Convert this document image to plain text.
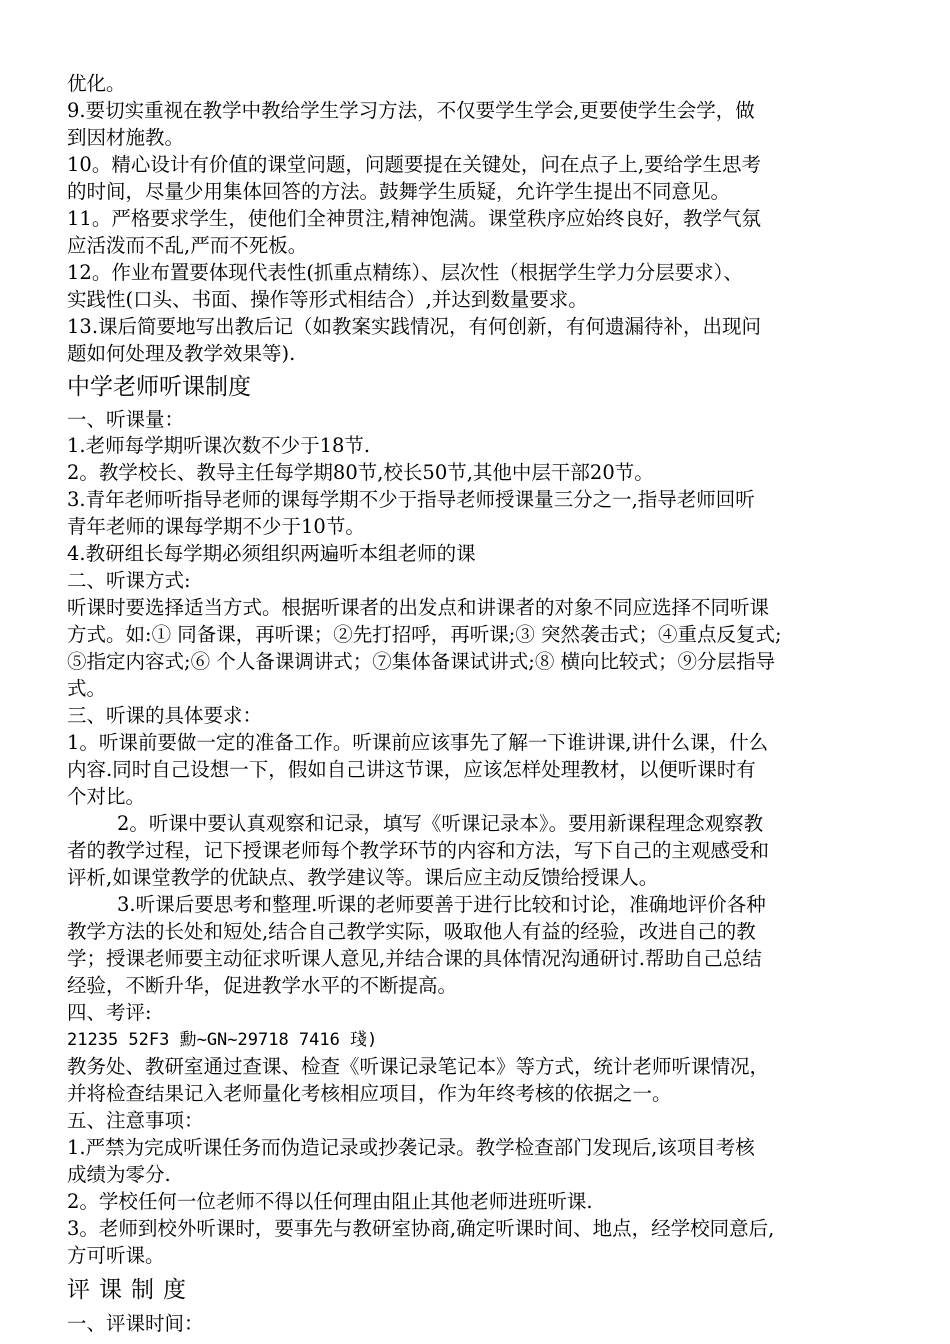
优化。
9.要切实重视在教学中教给学生学习方法，不仅要学生学会,更要使学生会学，做
到因材施教。
10。精心设计有价值的课堂问题，问题要提在关键处，问在点子上,要给学生思考
的时间，尽量少用集体回答的方法。鼓舞学生质疑，允许学生提出不同意见。
11。严格要求学生，使他们全神贯注,精神饱满。课堂秩序应始终良好，教学气氛
应活泼而不乱,严而不死板。
12。作业布置要体现代表性(抓重点精练）、层次性（根据学生学力分层要求）、
实践性(口头、书面、操作等形式相结合）,并达到数量要求。
13.课后简要地写出教后记（如教案实践情况，有何创新，有何遗漏待补，出现问
题如何处理及教学效果等).
中学老师听课制度
一、听课量：
1.老师每学期听课次数不少于18节.
2。教学校长、教导主任每学期80节,校长50节,其他中层干部20节。
3.青年老师听指导老师的课每学期不少于指导老师授课量三分之一,指导老师回听
青年老师的课每学期不少于10节。
4.教研组长每学期必须组织两遍听本组老师的课
二、听课方式:
听课时要选择适当方式。根据听课者的出发点和讲课者的对象不同应选择不同听课
方式。如:① 同备课，再听课；②先打招呼，再听课;③ 突然袭击式；④重点反复式;
⑤指定内容式;⑥ 个人备课调讲式；⑦集体备课试讲式;⑧ 横向比较式；⑨分层指导
式。
三、听课的具体要求：
1。听课前要做一定的准备工作。听课前应该事先了解一下谁讲课,讲什么课，什么
内容.同时自己设想一下，假如自己讲这节课，应该怎样处理教材，以便听课时有
个对比。
2。听课中要认真观察和记录，填写《听课记录本》。要用新课程理念观察教
者的教学过程，记下授课老师每个教学环节的内容和方法，写下自己的主观感受和
评析,如课堂教学的优缺点、教学建议等。课后应主动反馈给授课人。
3.听课后要思考和整理.听课的老师要善于进行比较和讨论，准确地评价各种
教学方法的长处和短处,结合自己教学实际，吸取他人有益的经验，改进自己的教
学；授课老师要主动征求听课人意见,并结合课的具体情况沟通研讨.帮助自己总结
经验，不断升华，促进教学水平的不断提高。
四、考评:
21235 52F3 勳~GN~29718 7416 琖)
教务处、教研室通过查课、检查《听课记录笔记本》等方式，统计老师听课情况，
并将检查结果记入老师量化考核相应项目，作为年终考核的依据之一。
五、注意事项：
1.严禁为完成听课任务而伪造记录或抄袭记录。教学检查部门发现后,该项目考核
成绩为零分.
2。学校任何一位老师不得以任何理由阻止其他老师进班听课.
3。老师到校外听课时，要事先与教研室协商,确定听课时间、地点，经学校同意后,
方可听课。
评课制度
一、评课时间：
